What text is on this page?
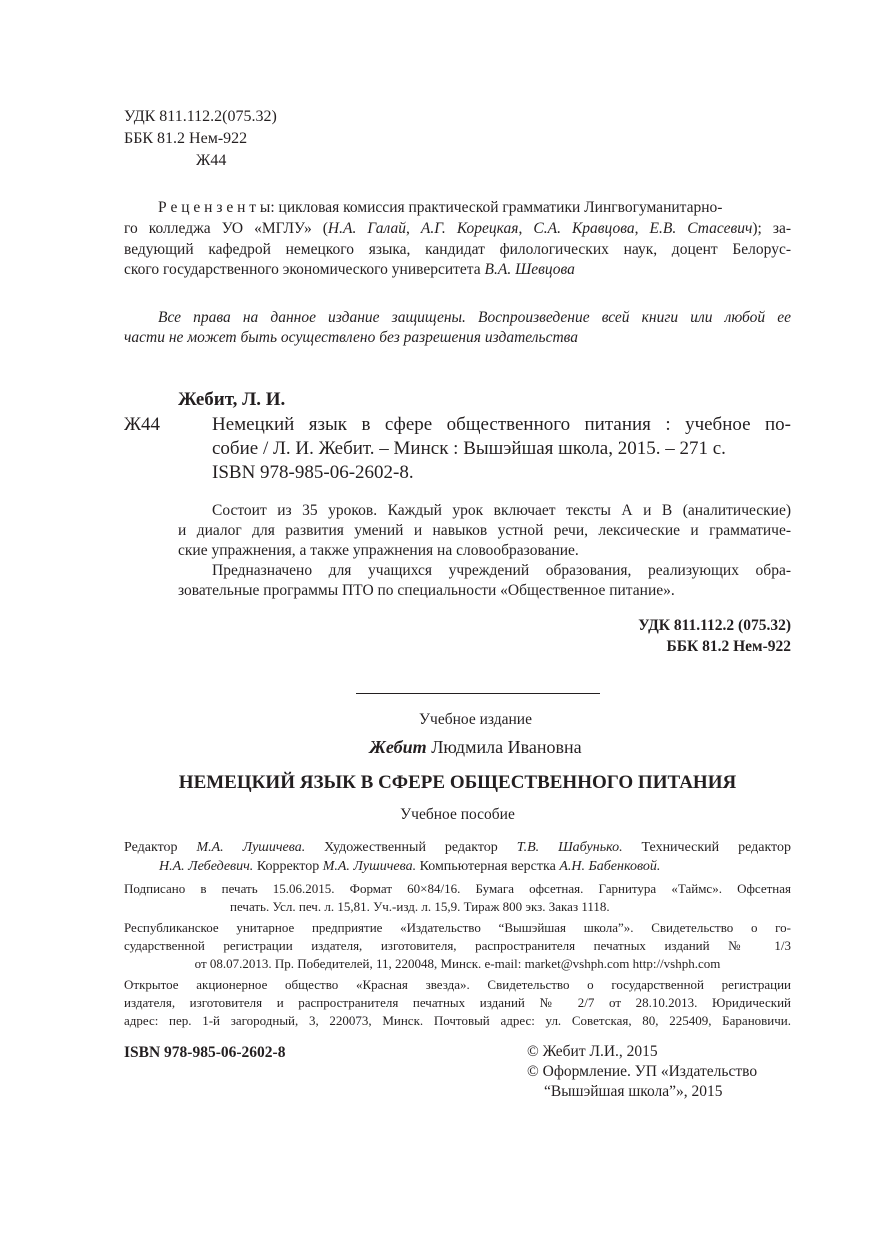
УДК 811.112.2(075.32)
ББК 81.2 Нем-922
Ж44
Р е ц е н з е н т ы: цикловая комиссия практической грамматики Лингвогуманитарно-
го колледжа УО «МГЛУ» (Н.А. Галай, А.Г. Корецкая, С.А. Кравцова, Е.В. Стасевич); за-
ведующий кафедрой немецкого языка, кандидат филологических наук, доцент Белорус-
ского государственного экономического университета В.А. Шевцова
Все права на данное издание защищены. Воспроизведение всей книги или любой ее
части не может быть осуществлено без разрешения издательства
Жебит, Л. И.
Ж44	Немецкий язык в сфере общественного питания : учебное по-
собие / Л. И. Жебит. – Минск : Вышэйшая школа, 2015. – 271 с.
ISBN 978-985-06-2602-8.
Состоит из 35 уроков. Каждый урок включает тексты А и В (аналитические)
и диалог для развития умений и навыков устной речи, лексические и грамматиче-
ские упражнения, а также упражнения на словообразование.
Предназначено для учащихся учреждений образования, реализующих обра-
зовательные программы ПТО по специальности «Общественное питание».
УДК 811.112.2 (075.32)
ББК 81.2 Нем-922
Учебное издание
Жебит Людмила Ивановна
НЕМЕЦКИЙ ЯЗЫК В СФЕРЕ ОБЩЕСТВЕННОГО ПИТАНИЯ
Учебное пособие
Редактор М.А. Лушичева. Художественный редактор Т.В. Шабунько. Технический редактор
Н.А. Лебедевич. Корректор М.А. Лушичева. Компьютерная верстка А.Н. Бабенковой.
Подписано в печать 15.06.2015. Формат 60×84/16. Бумага офсетная. Гарнитура «Таймс». Офсетная
печать. Усл. печ. л. 15,81. Уч.-изд. л. 15,9. Тираж 800 экз. Заказ 1118.
Республиканское унитарное предприятие «Издательство “Вышэйшая школа”». Свидетельство о го-
сударственной регистрации издателя, изготовителя, распространителя печатных изданий № 1/3
от 08.07.2013. Пр. Победителей, 11, 220048, Минск. e-mail: market@vshph.com http://vshph.com
Открытое акционерное общество «Красная звезда». Свидетельство о государственной регистрации
издателя, изготовителя и распространителя печатных изданий № 2/7 от 28.10.2013. Юридический
адрес: пер. 1-й загородный, 3, 220073, Минск. Почтовый адрес: ул. Советская, 80, 225409, Барановичи.
ISBN 978-985-06-2602-8	© Жебит Л.И., 2015
© Оформление. УП «Издательство
“Вышэйшая школа”», 2015
